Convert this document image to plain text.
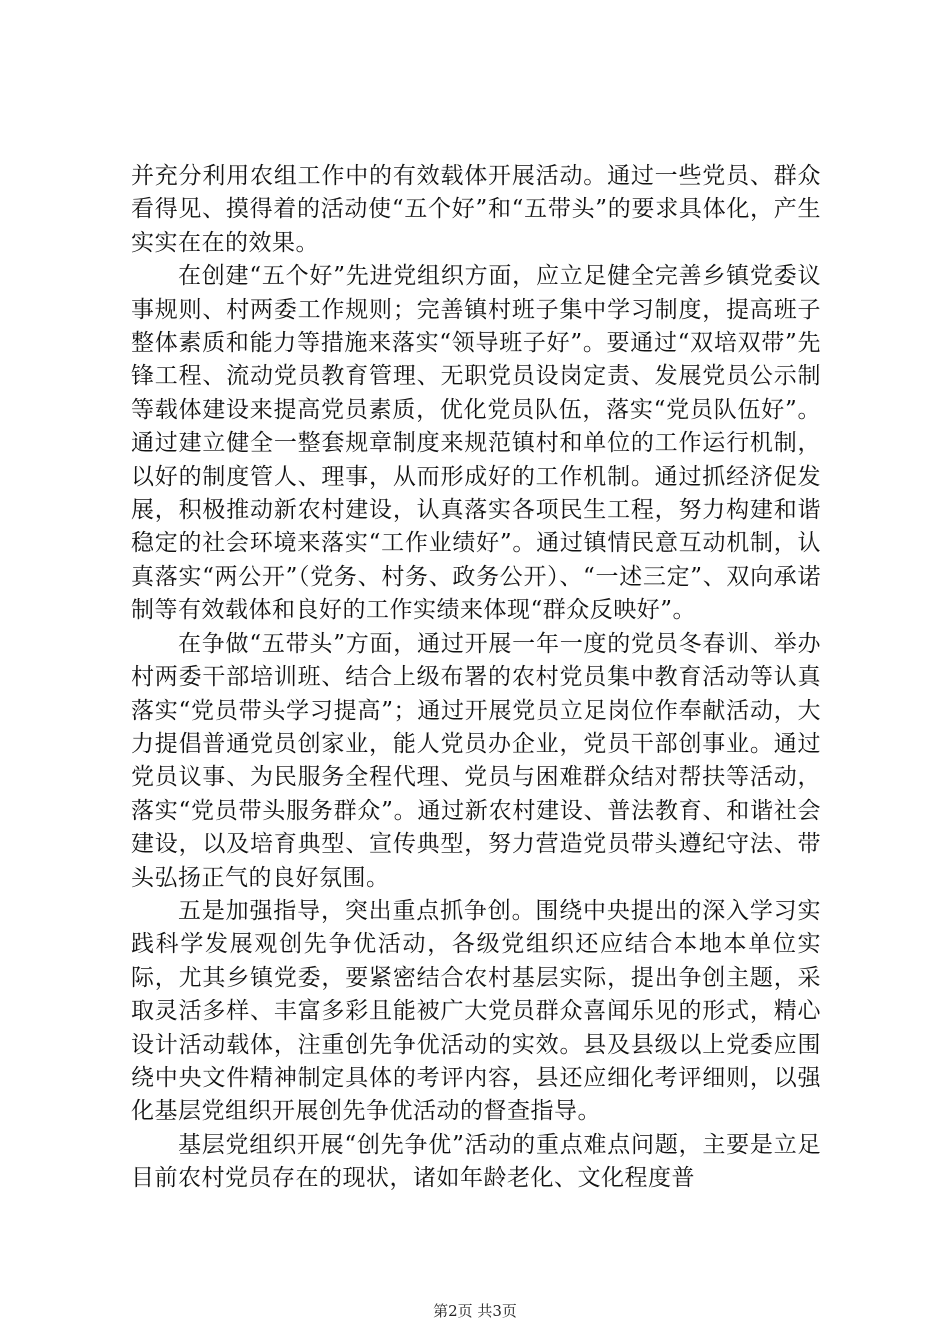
并充分利用农组工作中的有效载体开展活动。通过一些党员、群众看得见、摸得着的活动使“五个好”和“五带头”的要求具体化，产生实实在在的效果。

在创建“五个好”先进党组织方面，应立足健全完善乡镇党委议事规则、村两委工作规则；完善镇村班子集中学习制度，提高班子整体素质和能力等措施来落实“领导班子好”。要通过“双培双带”先锋工程、流动党员教育管理、无职党员设岗定责、发展党员公示制等载体建设来提高党员素质，优化党员队伍，落实“党员队伍好”。通过建立健全一整套规章制度来规范镇村和单位的工作运行机制，以好的制度管人、理事，从而形成好的工作机制。通过抓经济促发展，积极推动新农村建设，认真落实各项民生工程，努力构建和谐稳定的社会环境来落实“工作业绩好”。通过镇情民意互动机制，认真落实“两公开”（党务、村务、政务公开）、“一述三定”、双向承诺制等有效载体和良好的工作实绩来体现“群众反映好”。

在争做“五带头”方面，通过开展一年一度的党员冬春训、举办村两委干部培训班、结合上级布署的农村党员集中教育活动等认真落实“党员带头学习提高”；通过开展党员立足岗位作奉献活动，大力提倡普通党员创家业，能人党员办企业，党员干部创事业。通过党员议事、为民服务全程代理、党员与困难群众结对帮扶等活动，落实“党员带头服务群众”。通过新农村建设、普法教育、和谐社会建设，以及培育典型、宣传典型，努力营造党员带头遵纪守法、带头弘扬正气的良好氛围。

五是加强指导，突出重点抓争创。围绕中央提出的深入学习实践科学发展观创先争优活动，各级党组织还应结合本地本单位实际，尤其乡镇党委，要紧密结合农村基层实际，提出争创主题，采取灵活多样、丰富多彩且能被广大党员群众喜闻乐见的形式，精心设计活动载体，注重创先争优活动的实效。县及县级以上党委应围绕中央文件精神制定具体的考评内容，县还应细化考评细则，以强化基层党组织开展创先争优活动的督查指导。

基层党组织开展“创先争优”活动的重点难点问题，主要是立足目前农村党员存在的现状，诸如年龄老化、文化程度普

第2页 共3页
